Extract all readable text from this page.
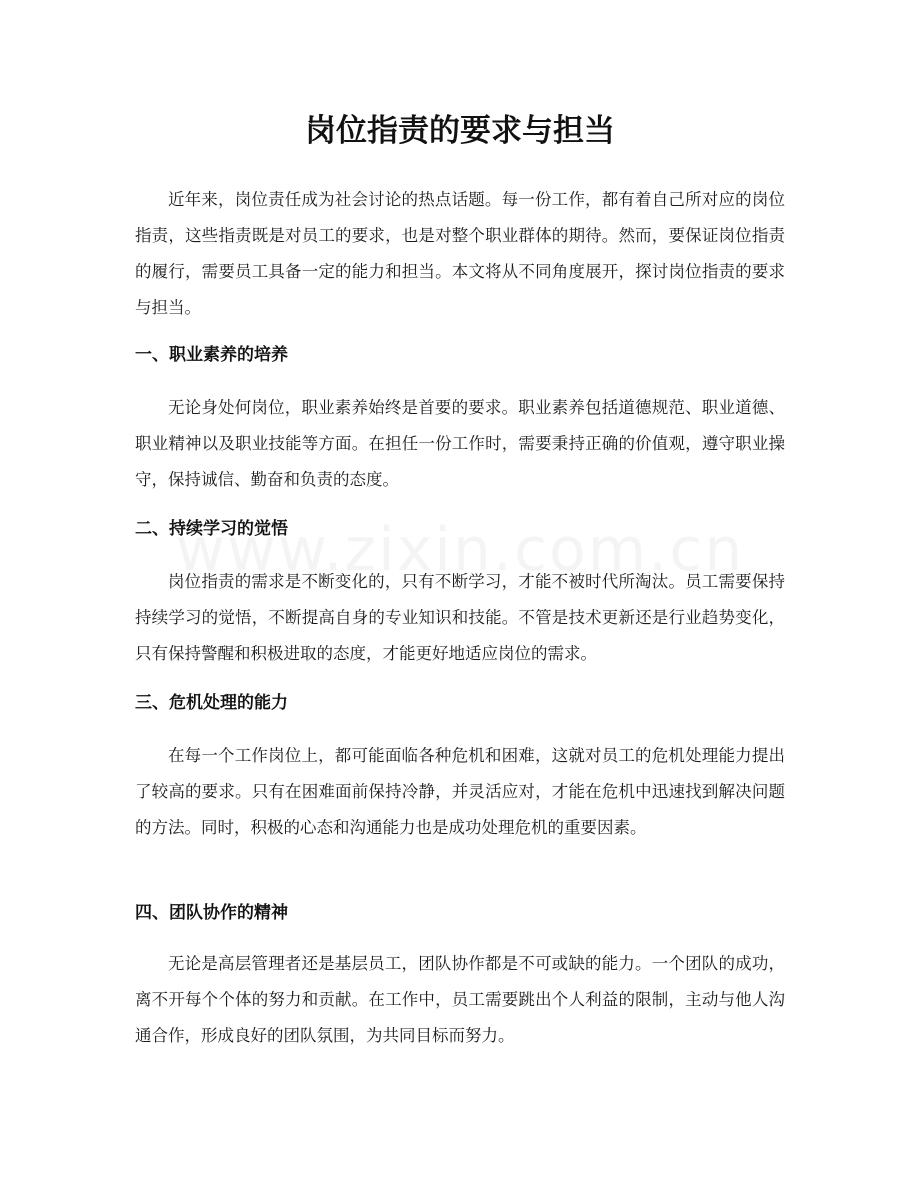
岗位指责的要求与担当

近年来，岗位责任成为社会讨论的热点话题。每一份工作，都有着自己所对应的岗位指责，这些指责既是对员工的要求，也是对整个职业群体的期待。然而，要保证岗位指责的履行，需要员工具备一定的能力和担当。本文将从不同角度展开，探讨岗位指责的要求与担当。

一、职业素养的培养

无论身处何岗位，职业素养始终是首要的要求。职业素养包括道德规范、职业道德、职业精神以及职业技能等方面。在担任一份工作时，需要秉持正确的价值观，遵守职业操守，保持诚信、勤奋和负责的态度。

二、持续学习的觉悟

岗位指责的需求是不断变化的，只有不断学习，才能不被时代所淘汰。员工需要保持持续学习的觉悟，不断提高自身的专业知识和技能。不管是技术更新还是行业趋势变化，只有保持警醒和积极进取的态度，才能更好地适应岗位的需求。

三、危机处理的能力

在每一个工作岗位上，都可能面临各种危机和困难，这就对员工的危机处理能力提出了较高的要求。只有在困难面前保持冷静，并灵活应对，才能在危机中迅速找到解决问题的方法。同时，积极的心态和沟通能力也是成功处理危机的重要因素。

四、团队协作的精神

无论是高层管理者还是基层员工，团队协作都是不可或缺的能力。一个团队的成功，离不开每个个体的努力和贡献。在工作中，员工需要跳出个人利益的限制，主动与他人沟通合作，形成良好的团队氛围，为共同目标而努力。
